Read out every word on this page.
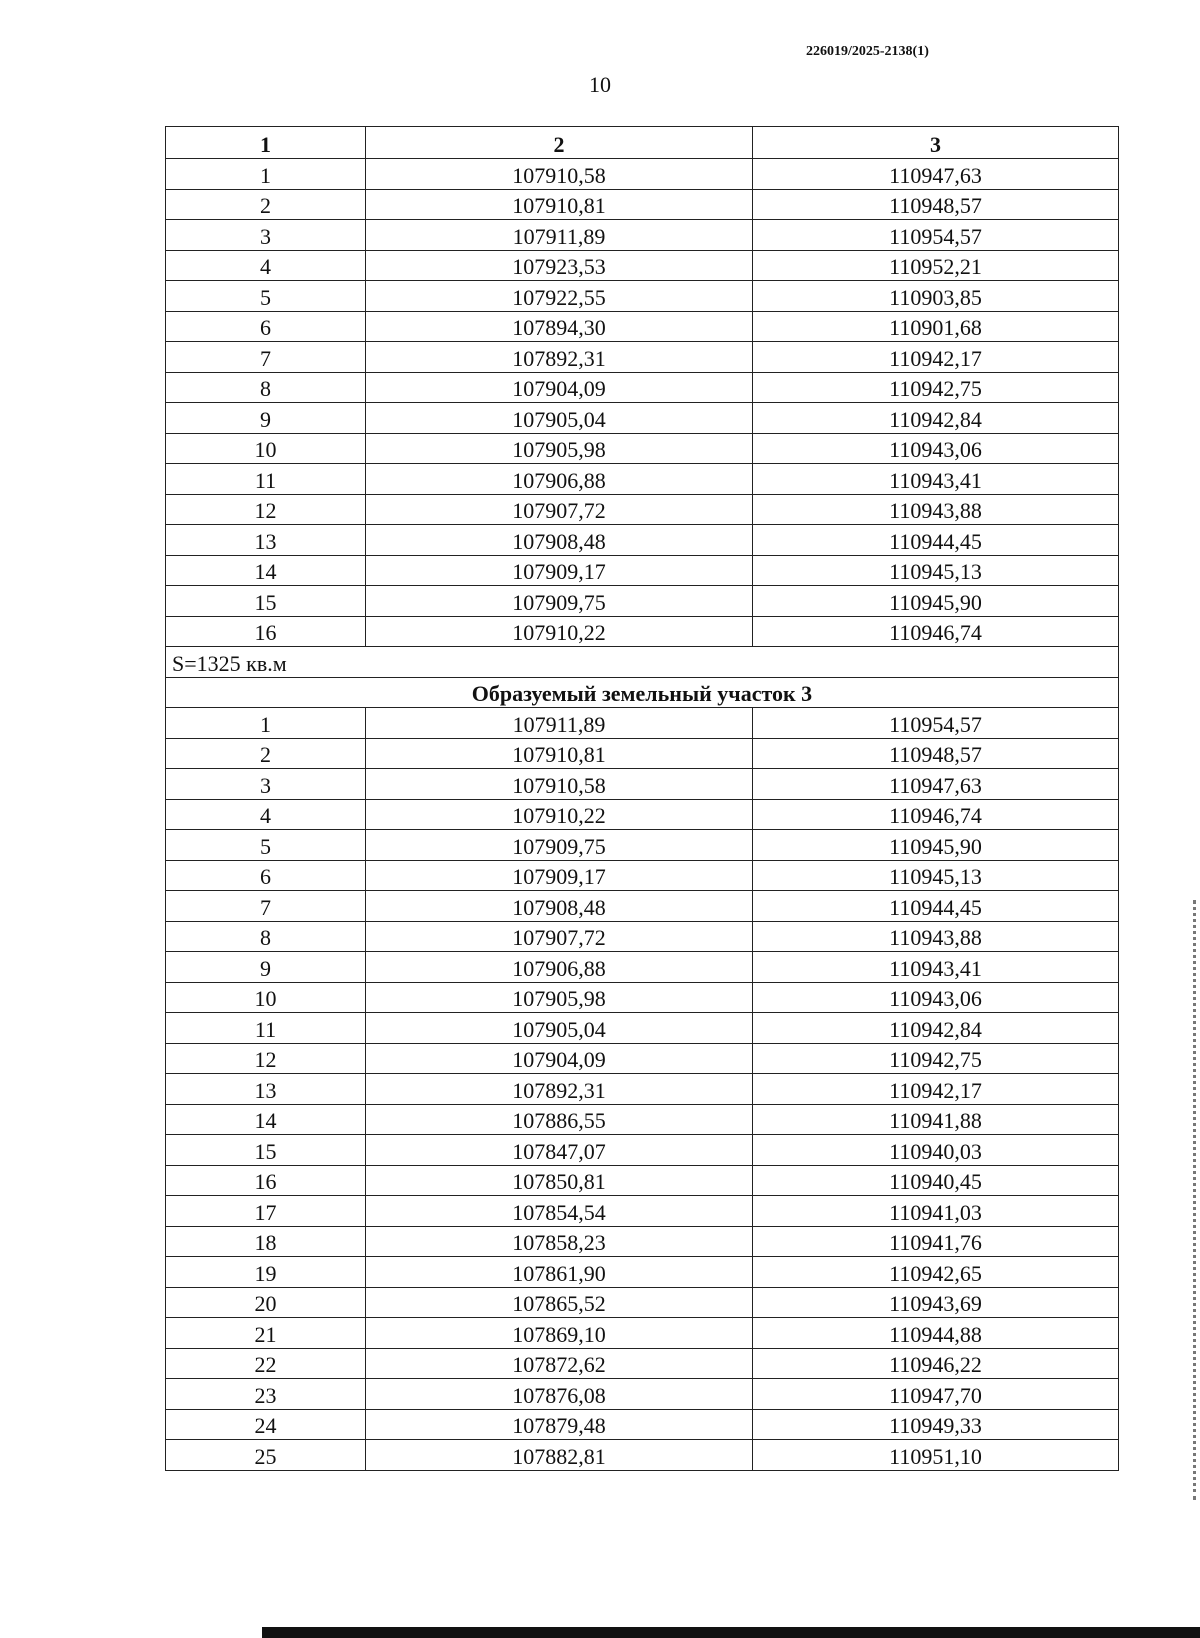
226019/2025-2138(1)
10
1	2	3
1	107910,58	110947,63
2	107910,81	110948,57
3	107911,89	110954,57
4	107923,53	110952,21
5	107922,55	110903,85
6	107894,30	110901,68
7	107892,31	110942,17
8	107904,09	110942,75
9	107905,04	110942,84
10	107905,98	110943,06
11	107906,88	110943,41
12	107907,72	110943,88
13	107908,48	110944,45
14	107909,17	110945,13
15	107909,75	110945,90
16	107910,22	110946,74
S=1325 кв.м		
Образуемый земельный участок 3		
1	107911,89	110954,57
2	107910,81	110948,57
3	107910,58	110947,63
4	107910,22	110946,74
5	107909,75	110945,90
6	107909,17	110945,13
7	107908,48	110944,45
8	107907,72	110943,88
9	107906,88	110943,41
10	107905,98	110943,06
11	107905,04	110942,84
12	107904,09	110942,75
13	107892,31	110942,17
14	107886,55	110941,88
15	107847,07	110940,03
16	107850,81	110940,45
17	107854,54	110941,03
18	107858,23	110941,76
19	107861,90	110942,65
20	107865,52	110943,69
21	107869,10	110944,88
22	107872,62	110946,22
23	107876,08	110947,70
24	107879,48	110949,33
25	107882,81	110951,10
